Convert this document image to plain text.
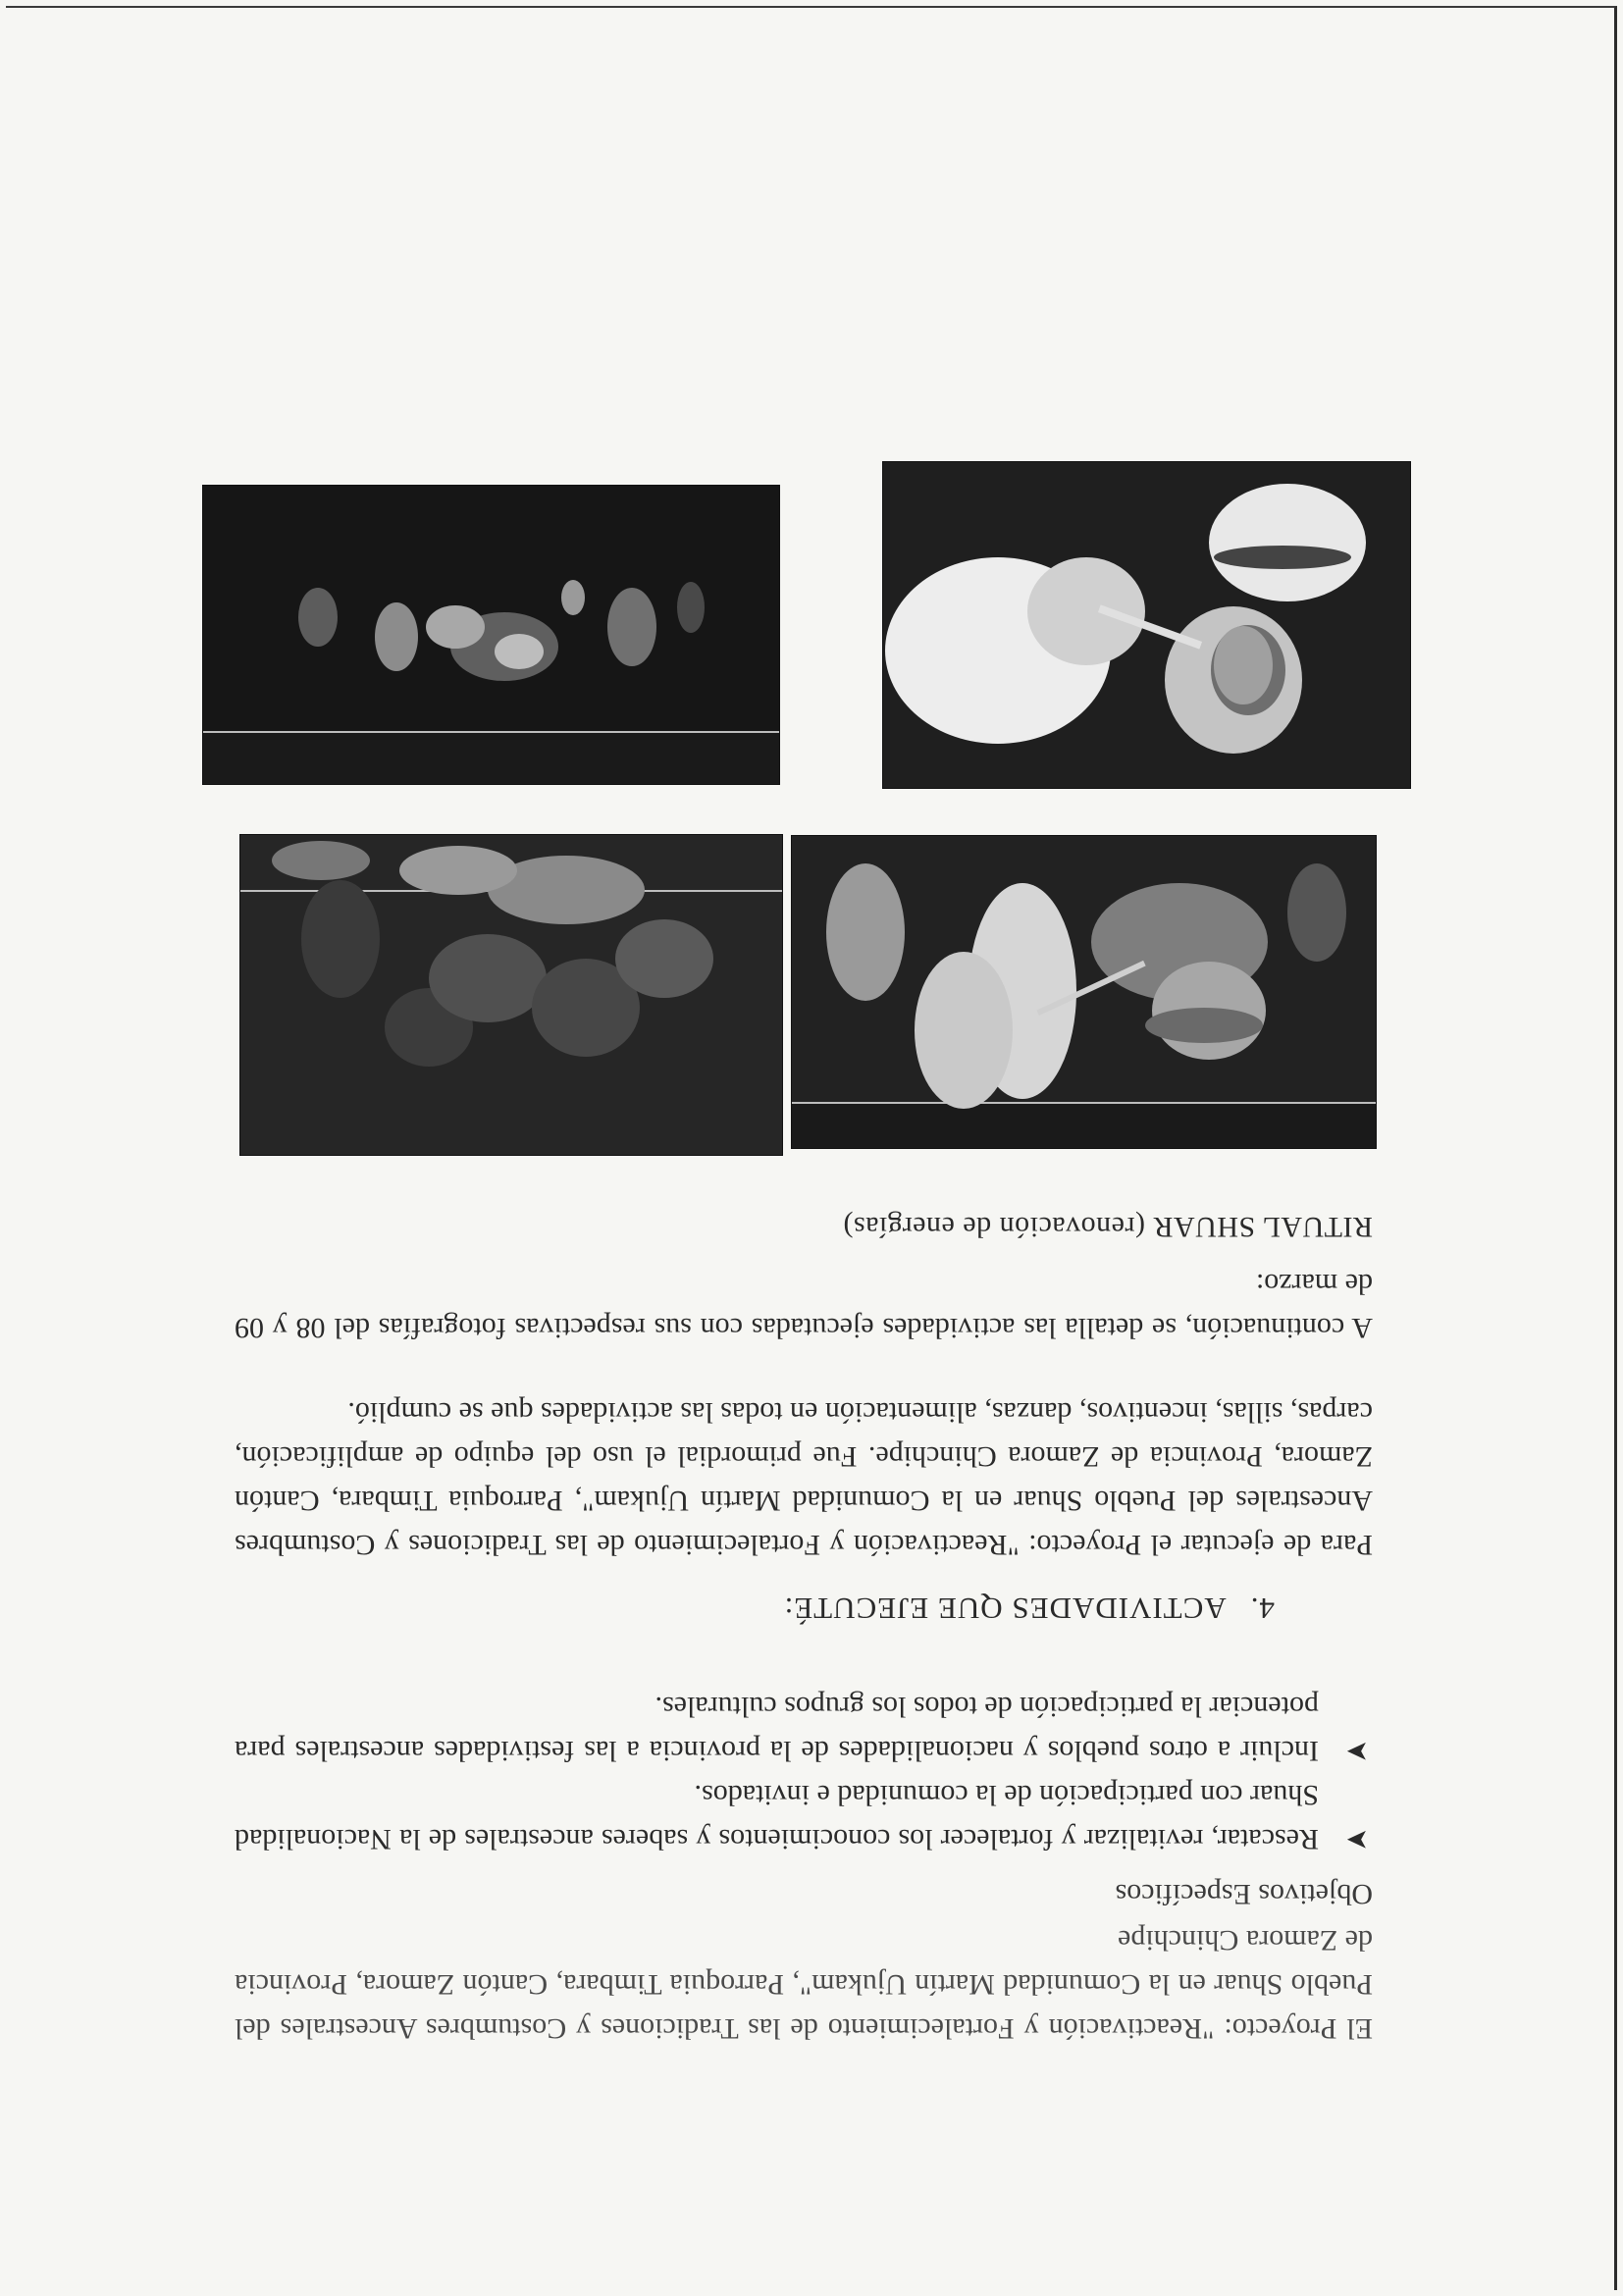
El Proyecto: "Reactivación y Fortalecimiento de las Tradiciones y Costumbres Ancestrales del Pueblo Shuar en la Comunidad Martín Ujukam", Parroquia Timbara, Cantón Zamora, Provincia de Zamora Chinchipe

Objetivos Específicos

➤
Rescatar, revitalizar y fortalecer los conocimientos y saberes ancestrales de la Nacionalidad Shuar con participación de la comunidad e invitados.
➤
Incluir a otros pueblos y nacionalidades de la provincia a las festividades ancestrales para potenciar la participación de todos los grupos culturales.
4.ACTIVIDADES QUE EJECUTÉ:

Para de ejecutar el Proyecto: "Reactivación y Fortalecimiento de las Tradiciones y Costumbres Ancestrales del Pueblo Shuar en la Comunidad Martín Ujukam", Parroquia Timbara, Cantón Zamora, Provincia de Zamora Chinchipe. Fue primordial el uso del equipo de amplificación, carpas, sillas, incentivos, danzas, alimentación en todas las actividades que se cumplió.

A continuación, se detalla las actividades ejecutadas con sus respectivas fotografías del 08 y 09 de marzo:

RITUAL SHUAR (renovación de energías)
